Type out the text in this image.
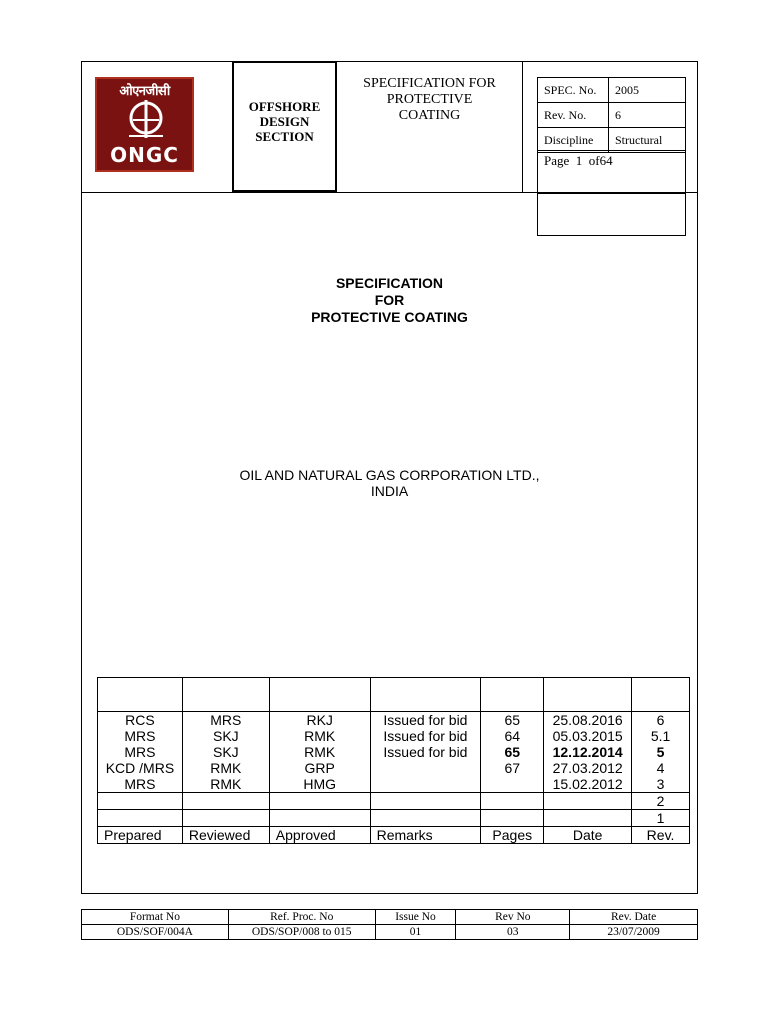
ओएनजीसी
ONGC
OFFSHORE
DESIGN
SECTION
SPECIFICATION FOR
PROTECTIVE
COATING
SPEC. No.	2005
Rev. No.	6
Discipline	Structural
Page 1 of64
SPECIFICATION
FOR
PROTECTIVE COATING
OIL AND NATURAL GAS CORPORATION LTD.,
INDIA

RCS	MRS	RKJ	Issued for bid	65	25.08.2016	6
MRS	SKJ	RMK	Issued for bid	64	05.03.2015	5.1
MRS	SKJ	RMK	Issued for bid	65	12.12.2014	5
KCD /MRS	RMK	GRP		67	27.03.2012	4
MRS	RMK	HMG			15.02.2012	3
						2
						1
Prepared	Reviewed	Approved	Remarks	Pages	Date	Rev.
Format No	Ref. Proc. No	Issue No	Rev No	Rev. Date
ODS/SOF/004A	ODS/SOP/008 to 015	01	03	23/07/2009
